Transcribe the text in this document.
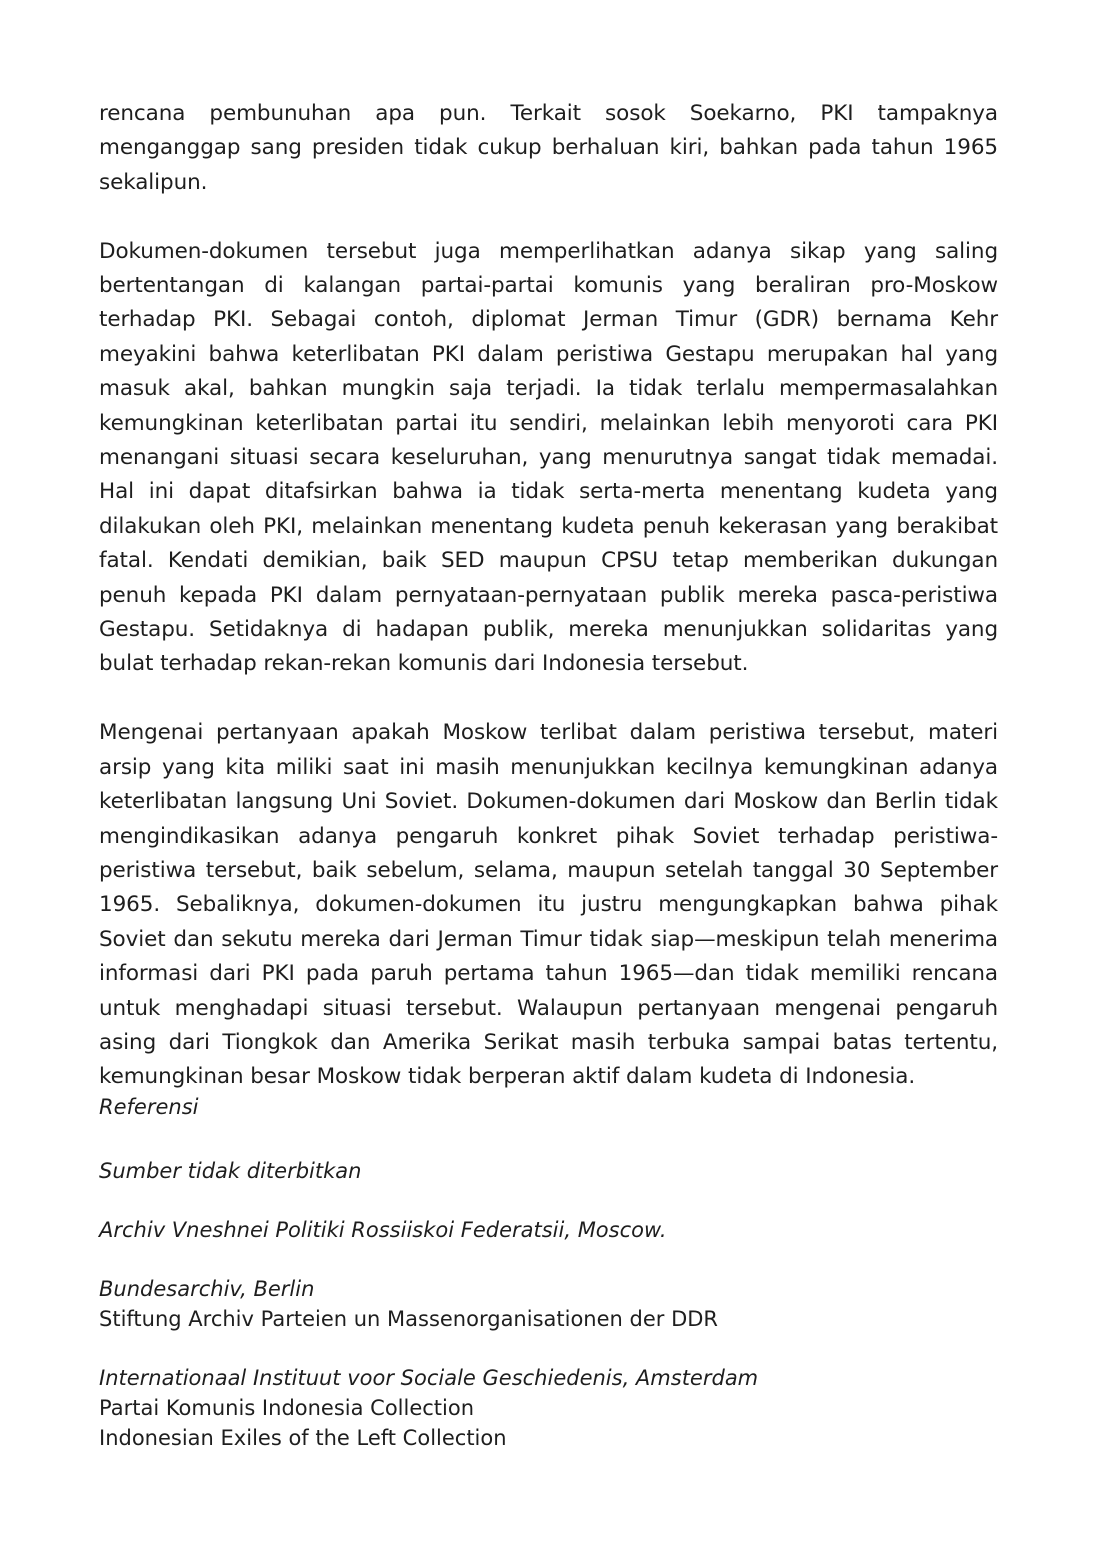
rencana pembunuhan apa pun. Terkait sosok Soekarno, PKI tampaknya menganggap sang presiden tidak cukup berhaluan kiri, bahkan pada tahun 1965 sekalipun.

Dokumen-dokumen tersebut juga memperlihatkan adanya sikap yang saling bertentangan di kalangan partai-partai komunis yang beraliran pro-Moskow terhadap PKI. Sebagai contoh, diplomat Jerman Timur (GDR) bernama Kehr meyakini bahwa keterlibatan PKI dalam peristiwa Gestapu merupakan hal yang masuk akal, bahkan mungkin saja terjadi. Ia tidak terlalu mempermasalahkan kemungkinan keterlibatan partai itu sendiri, melainkan lebih menyoroti cara PKI menangani situasi secara keseluruhan, yang menurutnya sangat tidak memadai. Hal ini dapat ditafsirkan bahwa ia tidak serta-merta menentang kudeta yang dilakukan oleh PKI, melainkan menentang kudeta penuh kekerasan yang berakibat fatal. Kendati demikian, baik SED maupun CPSU tetap memberikan dukungan penuh kepada PKI dalam pernyataan-pernyataan publik mereka pasca-peristiwa Gestapu. Setidaknya di hadapan publik, mereka menunjukkan solidaritas yang bulat terhadap rekan-rekan komunis dari Indonesia tersebut.

Mengenai pertanyaan apakah Moskow terlibat dalam peristiwa tersebut, materi arsip yang kita miliki saat ini masih menunjukkan kecilnya kemungkinan adanya keterlibatan langsung Uni Soviet. Dokumen-dokumen dari Moskow dan Berlin tidak mengindikasikan adanya pengaruh konkret pihak Soviet terhadap peristiwa-peristiwa tersebut, baik sebelum, selama, maupun setelah tanggal 30 September 1965. Sebaliknya, dokumen-dokumen itu justru mengungkapkan bahwa pihak Soviet dan sekutu mereka dari Jerman Timur tidak siap—meskipun telah menerima informasi dari PKI pada paruh pertama tahun 1965—dan tidak memiliki rencana untuk menghadapi situasi tersebut. Walaupun pertanyaan mengenai pengaruh asing dari Tiongkok dan Amerika Serikat masih terbuka sampai batas tertentu, kemungkinan besar Moskow tidak berperan aktif dalam kudeta di Indonesia.

Referensi
Sumber tidak diterbitkan
Archiv Vneshnei Politiki Rossiiskoi Federatsii, Moscow.
Bundesarchiv, Berlin
Stiftung Archiv Parteien un Massenorganisationen der DDR
Internationaal Instituut voor Sociale Geschiedenis, Amsterdam
Partai Komunis Indonesia Collection
Indonesian Exiles of the Left Collection
